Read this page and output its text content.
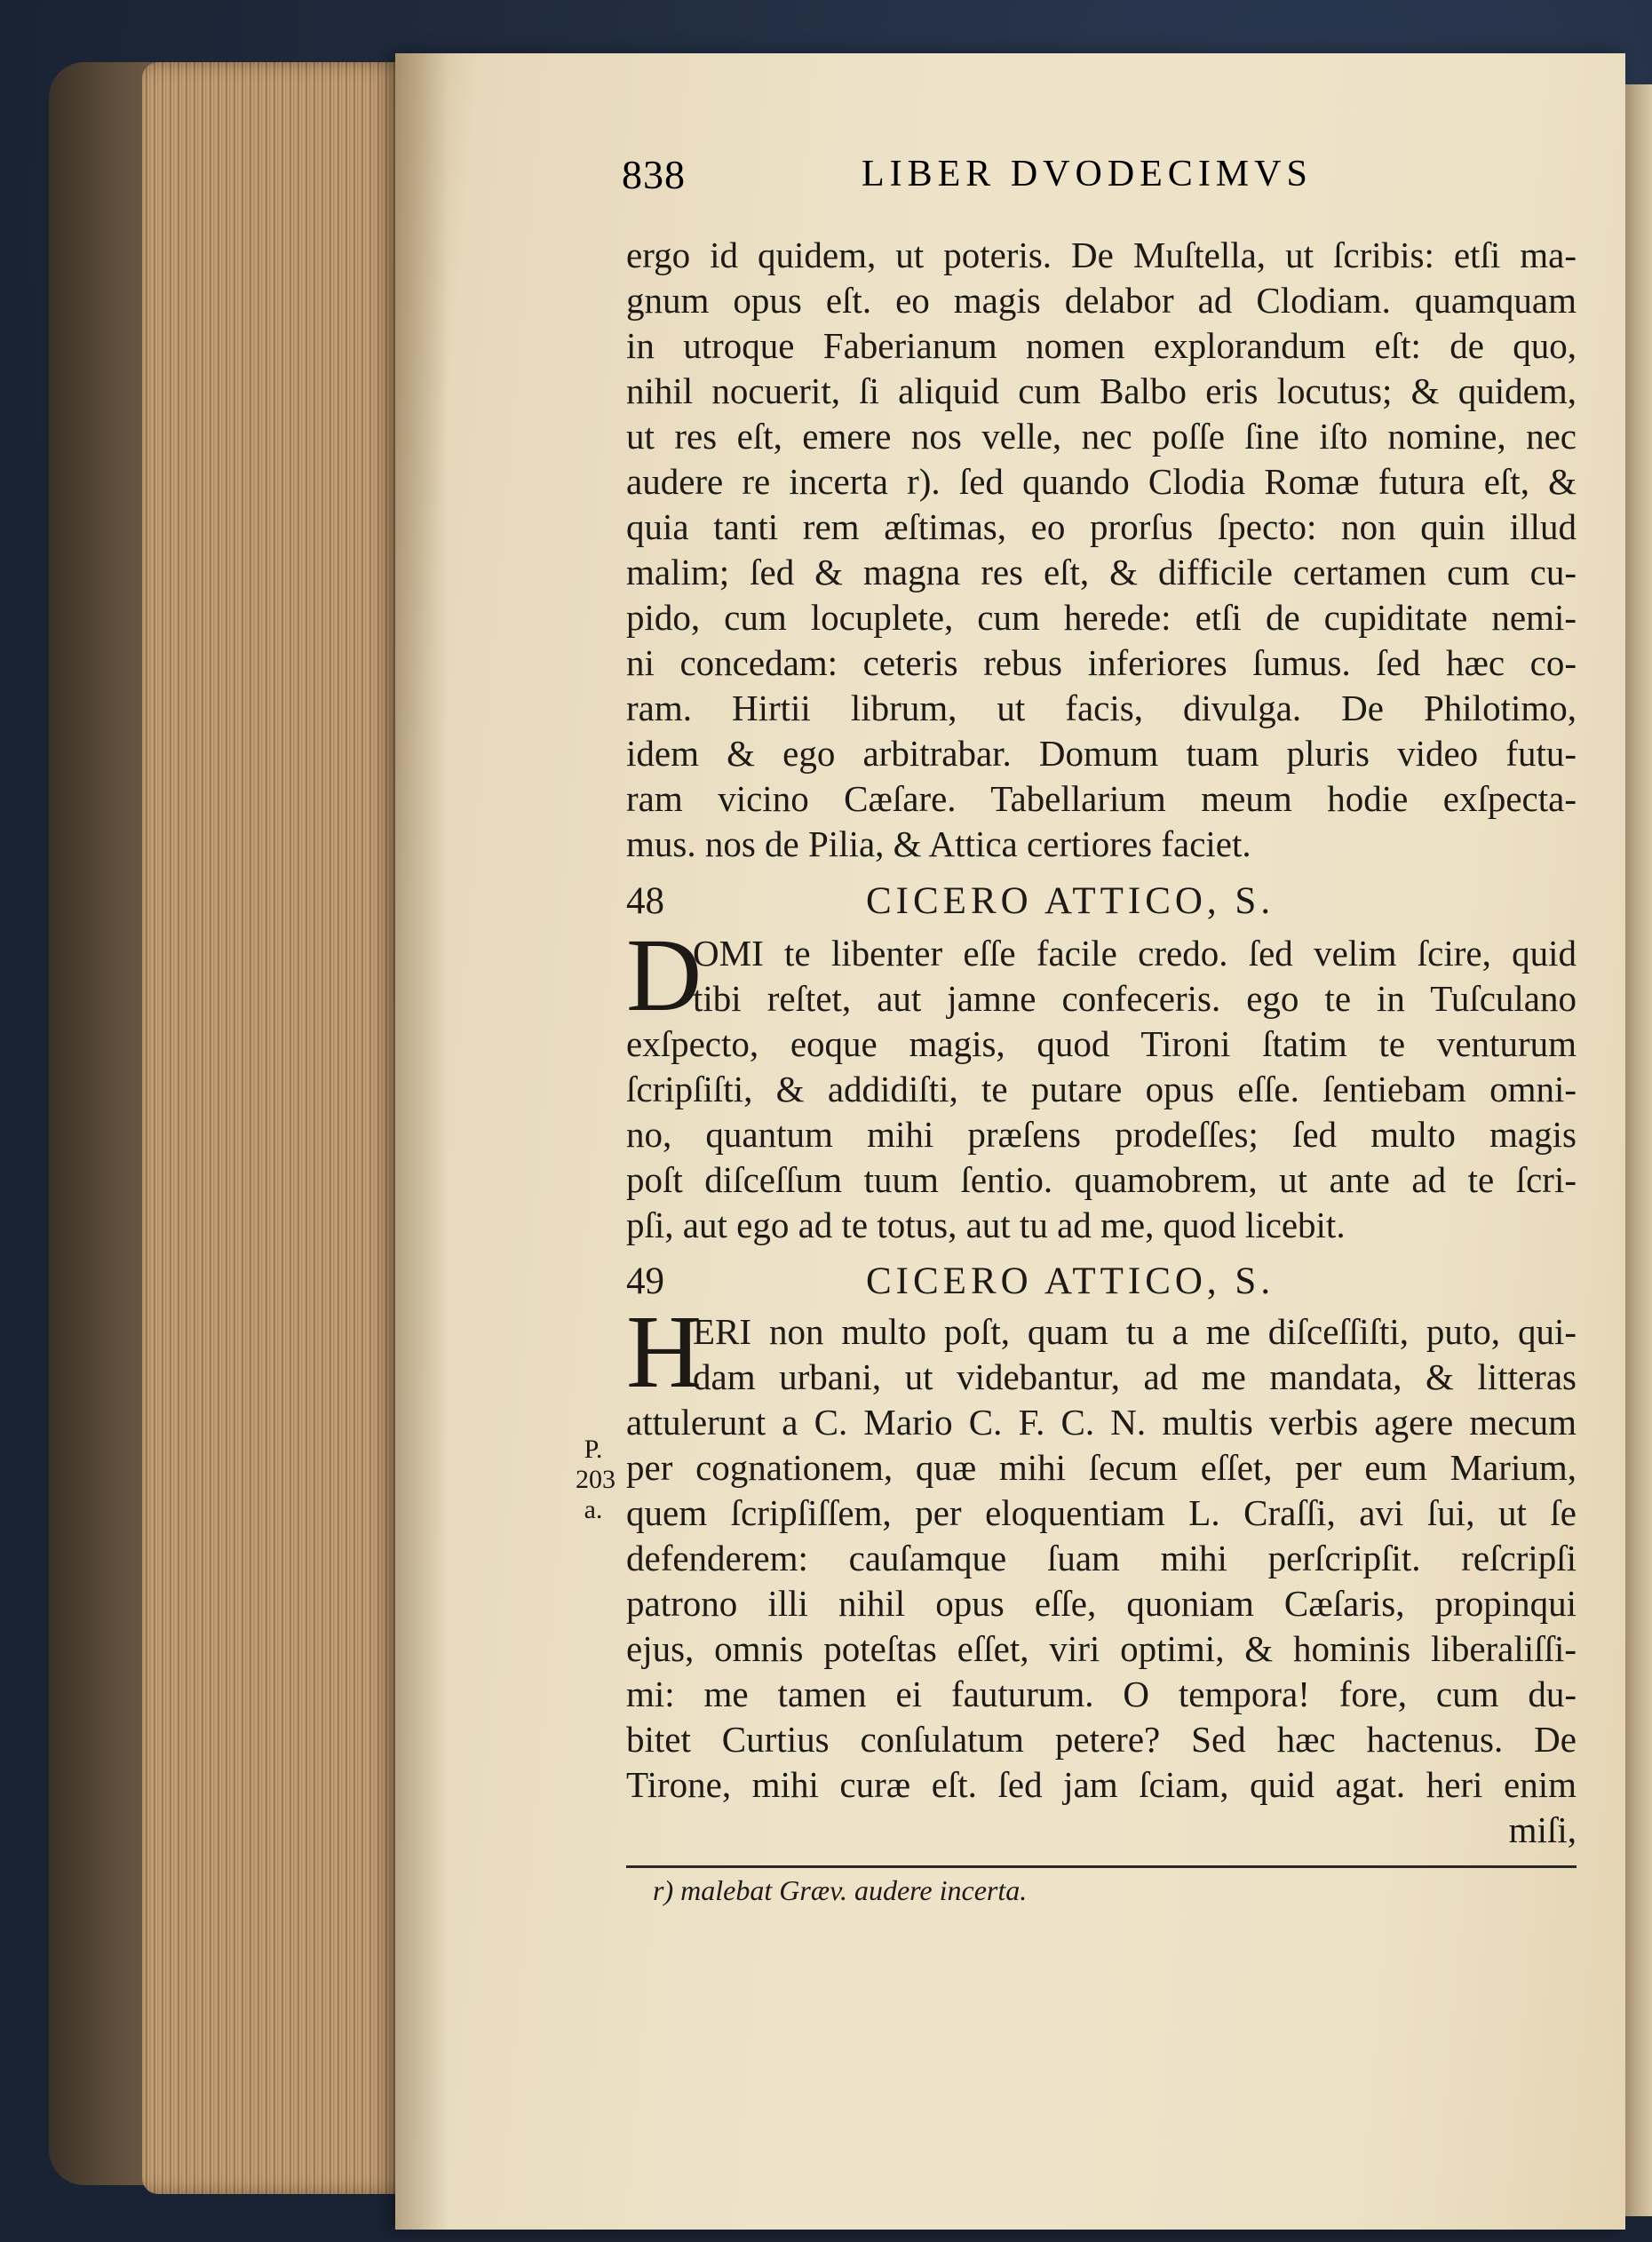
838	LIBER DVODECIMVS
ergo id quidem, ut poteris. De Muſtella, ut ſcribis: etſi ma-
gnum opus eſt. eo magis delabor ad Clodiam. quamquam
in utroque Faberianum nomen explorandum eſt: de quo,
nihil nocuerit, ſi aliquid cum Balbo eris locutus; & quidem,
ut res eſt, emere nos velle, nec poſſe ſine iſto nomine, nec
audere re incerta r). ſed quando Clodia Romæ futura eſt, &
quia tanti rem æſtimas, eo prorſus ſpecto: non quin illud
malim; ſed & magna res eſt, & difficile certamen cum cu-
pido, cum locuplete, cum herede: etſi de cupiditate nemi-
ni concedam: ceteris rebus inferiores ſumus. ſed hæc co-
ram. Hirtii librum, ut facis, divulga. De Philotimo,
idem & ego arbitrabar. Domum tuam pluris video futu-
ram vicino Cæſare. Tabellarium meum hodie exſpecta-
mus. nos de Pilia, & Attica certiores faciet.
48	CICERO ATTICO, S.
D
OMI te libenter eſſe facile credo. ſed velim ſcire, quid
tibi reſtet, aut jamne confeceris. ego te in Tuſculano
exſpecto, eoque magis, quod Tironi ſtatim te venturum
ſcripſiſti, & addidiſti, te putare opus eſſe. ſentiebam omni-
no, quantum mihi præſens prodeſſes; ſed multo magis
poſt diſceſſum tuum ſentio. quamobrem, ut ante ad te ſcri-
pſi, aut ego ad te totus, aut tu ad me, quod licebit.
49	CICERO ATTICO, S.
H
ERI non multo poſt, quam tu a me diſceſſiſti, puto, qui-
dam urbani, ut videbantur, ad me mandata, & litteras
attulerunt a C. Mario C. F. C. N. multis verbis agere mecum
per cognationem, quæ mihi ſecum eſſet, per eum Marium,
quem ſcripſiſſem, per eloquentiam L. Craſſi, avi ſui, ut ſe
defenderem: cauſamque ſuam mihi perſcripſit. reſcripſi
patrono illi nihil opus eſſe, quoniam Cæſaris, propinqui
ejus, omnis poteſtas eſſet, viri optimi, & hominis liberaliſſi-
mi: me tamen ei fauturum. O tempora! fore, cum du-
bitet Curtius conſulatum petere? Sed hæc hactenus. De
Tirone, mihi curæ eſt. ſed jam ſciam, quid agat. heri enim
miſi,
P.
203
a.
r) malebat Græv. audere incerta.
